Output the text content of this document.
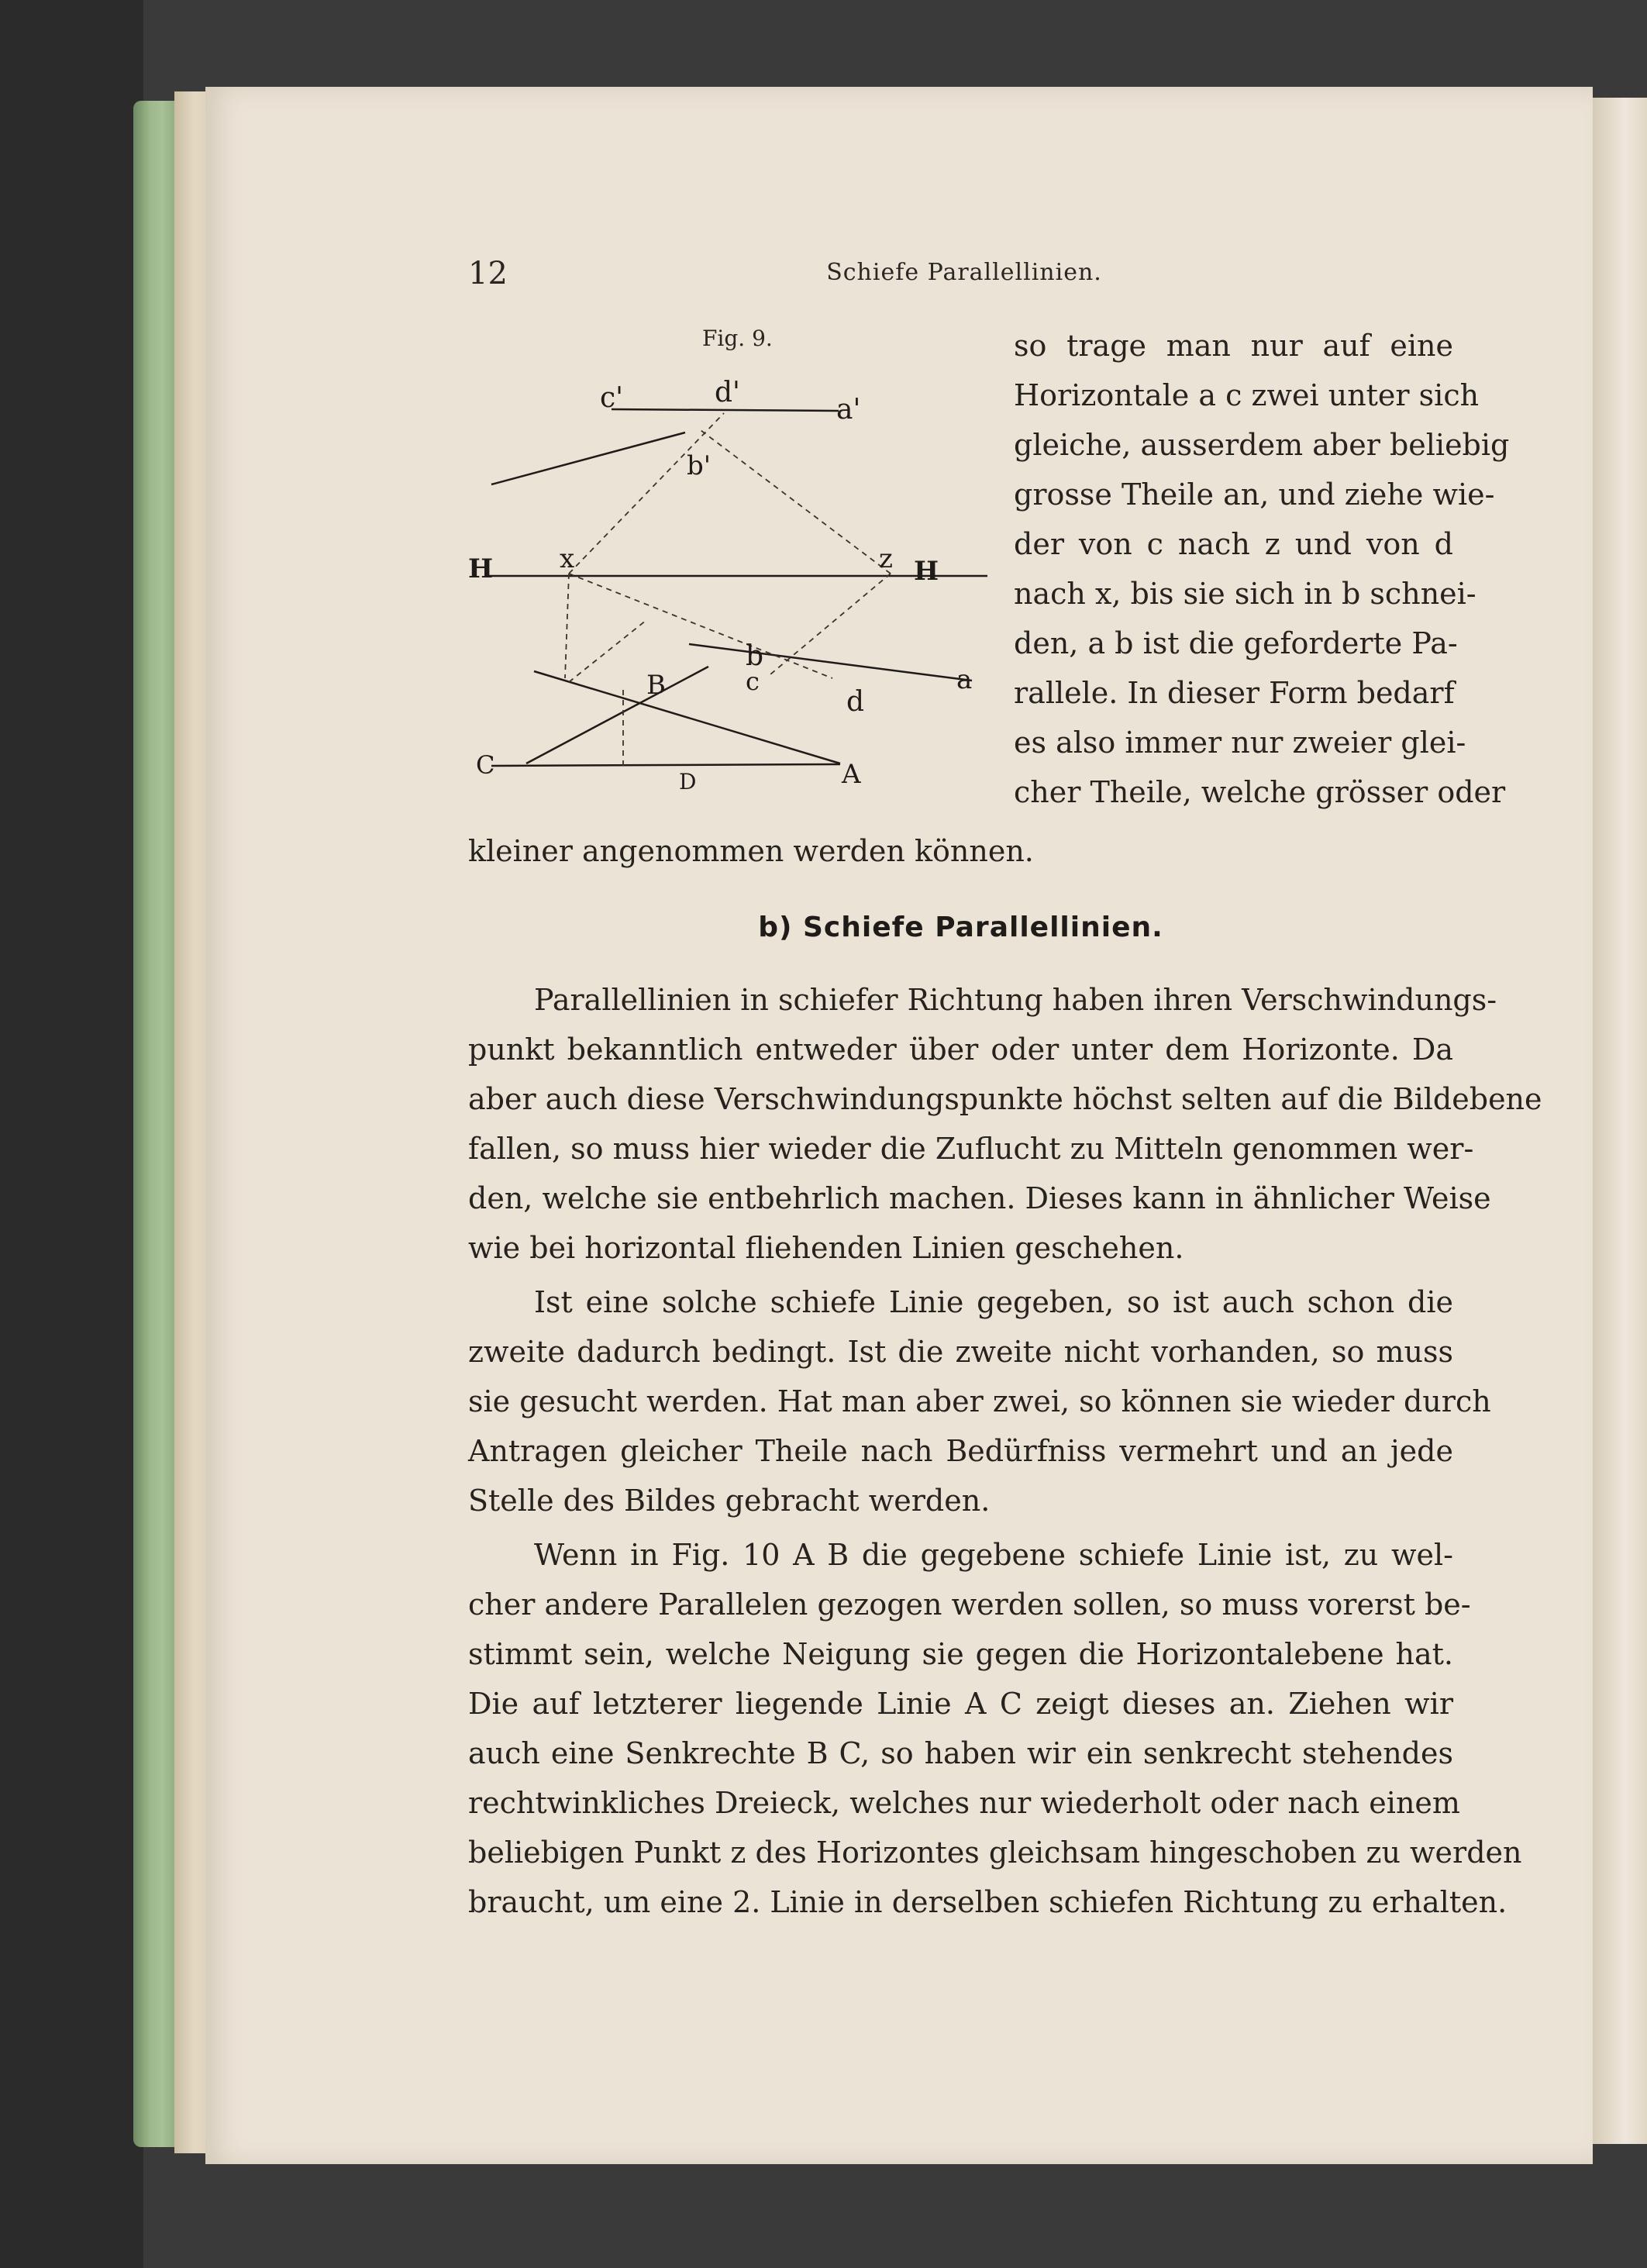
12	Schiefe Parallellinien.
Fig. 9.
c'	d'
a'
b'
H	x	z H
b
B	c
d
a
C
D	A
so trage man nur auf eine
Horizontale a c zwei unter sich
gleiche, ausserdem aber beliebig
grosse Theile an, und ziehe wie-
der von c nach z und von d
nach x, bis sie sich in b schnei-
den, a b ist die geforderte Pa-
rallele. In dieser Form bedarf
es also immer nur zweier glei-
cher Theile, welche grösser oder
kleiner angenommen werden können.
b) Schiefe Parallellinien.
Parallellinien in schiefer Richtung haben ihren Verschwindungs-
punkt bekanntlich entweder über oder unter dem Horizonte. Da
aber auch diese Verschwindungspunkte höchst selten auf die Bildebene
fallen, so muss hier wieder die Zuflucht zu Mitteln genommen wer-
den, welche sie entbehrlich machen. Dieses kann in ähnlicher Weise
wie bei horizontal fliehenden Linien geschehen.
Ist eine solche schiefe Linie gegeben, so ist auch schon die
zweite dadurch bedingt. Ist die zweite nicht vorhanden, so muss
sie gesucht werden. Hat man aber zwei, so können sie wieder durch
Antragen gleicher Theile nach Bedürfniss vermehrt und an jede
Stelle des Bildes gebracht werden.
Wenn in Fig. 10 A B die gegebene schiefe Linie ist, zu wel-
cher andere Parallelen gezogen werden sollen, so muss vorerst be-
stimmt sein, welche Neigung sie gegen die Horizontalebene hat.
Die auf letzterer liegende Linie A C zeigt dieses an. Ziehen wir
auch eine Senkrechte B C, so haben wir ein senkrecht stehendes
rechtwinkliches Dreieck, welches nur wiederholt oder nach einem
beliebigen Punkt z des Horizontes gleichsam hingeschoben zu werden
braucht, um eine 2. Linie in derselben schiefen Richtung zu erhalten.
